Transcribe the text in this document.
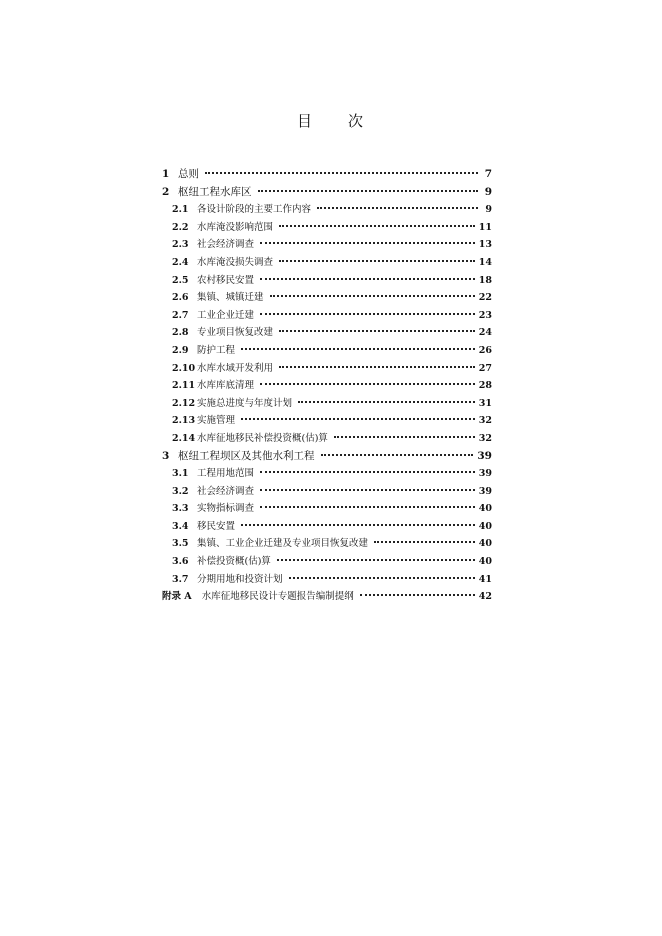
目 次
1 总则	7
2 枢纽工程水库区	9
2.1 各设计阶段的主要工作内容	9
2.2 水库淹没影响范围	11
2.3 社会经济调查	13
2.4 水库淹没损失调查	14
2.5 农村移民安置	18
2.6 集镇、城镇迁建	22
2.7 工业企业迁建	23
2.8 专业项目恢复改建	24
2.9 防护工程	26
2.10 水库水域开发利用	27
2.11 水库库底清理	28
2.12 实施总进度与年度计划	31
2.13 实施管理	32
2.14 水库征地移民补偿投资概(估)算	32
3 枢纽工程坝区及其他水利工程	39
3.1 工程用地范围	39
3.2 社会经济调查	39
3.3 实物指标调查	40
3.4 移民安置	40
3.5 集镇、工业企业迁建及专业项目恢复改建	40
3.6 补偿投资概(估)算	40
3.7 分期用地和投资计划	41
附录 A 水库征地移民设计专题报告编制提纲	42
